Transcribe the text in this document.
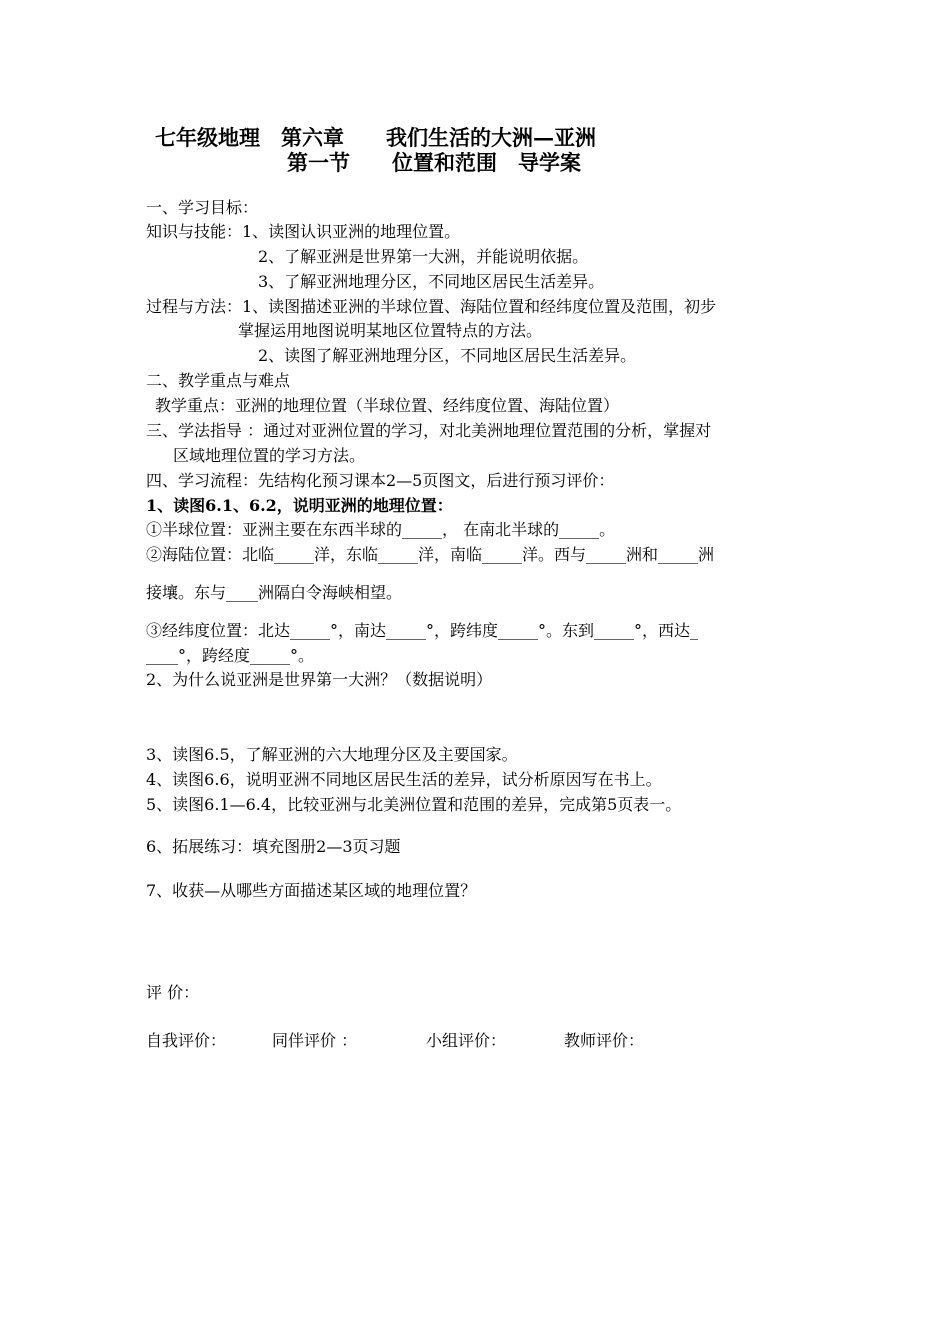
七年级地理　第六章　　我们生活的大洲—亚洲
第一节　　位置和范围　导学案
一、学习目标：
知识与技能：1、读图认识亚洲的地理位置。
2、了解亚洲是世界第一大洲，并能说明依据。
3、了解亚洲地理分区，不同地区居民生活差异。
过程与方法：1、读图描述亚洲的半球位置、海陆位置和经纬度位置及范围，初步
掌握运用地图说明某地区位置特点的方法。
2、读图了解亚洲地理分区，不同地区居民生活差异。
二、教学重点与难点
教学重点：亚洲的地理位置（半球位置、经纬度位置、海陆位置）
三、学法指导 ：通过对亚洲位置的学习，对北美洲地理位置范围的分析，掌握对
区域地理位置的学习方法。
四、学习流程：先结构化预习课本2—5页图文，后进行预习评价：
1、读图6.1、6.2，说明亚洲的地理位置：
①半球位置：亚洲主要在东西半球的_____， 在南北半球的_____。
②海陆位置：北临_____洋，东临_____洋，南临_____洋。西与_____洲和_____洲
接壤。东与____洲隔白令海峡相望。
③经纬度位置：北达_____°，南达_____°，跨纬度_____°。东到_____°，西达_
____°，跨经度_____°。
2、为什么说亚洲是世界第一大洲？（数据说明）
3、读图6.5，了解亚洲的六大地理分区及主要国家。
4、读图6.6，说明亚洲不同地区居民生活的差异，试分析原因写在书上。
5、读图6.1—6.4，比较亚洲与北美洲位置和范围的差异，完成第5页表一。
6、拓展练习：填充图册2—3页习题
7、收获—从哪些方面描述某区域的地理位置？
评 价：
自我评价：	同伴评价 ：	小组评价：	教师评价：
